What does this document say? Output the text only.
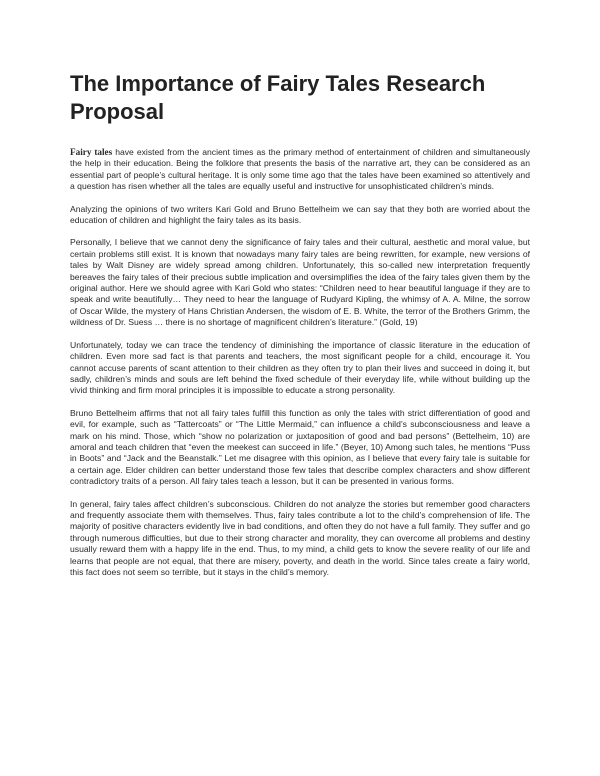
The Importance of Fairy Tales Research Proposal

Fairy tales have existed from the ancient times as the primary method of entertainment of children and simultaneously the help in their education. Being the folklore that presents the basis of the narrative art, they can be considered as an essential part of people’s cultural heritage. It is only some time ago that the tales have been examined so attentively and a question has risen whether all the tales are equally useful and instructive for unsophisticated children’s minds.

Analyzing the opinions of two writers Kari Gold and Bruno Bettelheim we can say that they both are worried about the education of children and highlight the fairy tales as its basis.

Personally, I believe that we cannot deny the significance of fairy tales and their cultural, aesthetic and moral value, but certain problems still exist. It is known that nowadays many fairy tales are being rewritten, for example, new versions of tales by Walt Disney are widely spread among children. Unfortunately, this so-called new interpretation frequently bereaves the fairy tales of their precious subtle implication and oversimplifies the idea of the fairy tales given them by the original author. Here we should agree with Kari Gold who states: “Children need to hear beautiful language if they are to speak and write beautifully… They need to hear the language of Rudyard Kipling, the whimsy of A. A. Milne, the sorrow of Oscar Wilde, the mystery of Hans Christian Andersen, the wisdom of E. B. White, the terror of the Brothers Grimm, the wildness of Dr. Suess … there is no shortage of magnificent children’s literature.” (Gold, 19)

Unfortunately, today we can trace the tendency of diminishing the importance of classic literature in the education of children. Even more sad fact is that parents and teachers, the most significant people for a child, encourage it. You cannot accuse parents of scant attention to their children as they often try to plan their lives and succeed in doing it, but sadly, children’s minds and souls are left behind the fixed schedule of their everyday life, while without building up the vivid thinking and firm moral principles it is impossible to educate a strong personality.

Bruno Bettelheim affirms that not all fairy tales fulfill this function as only the tales with strict differentiation of good and evil, for example, such as “Tattercoats” or “The Little Mermaid,” can influence a child’s subconsciousness and leave a mark on his mind. Those, which “show no polarization or juxtaposition of good and bad persons” (Bettelheim, 10) are amoral and teach children that “even the meekest can succeed in life.” (Beyer, 10) Among such tales, he mentions “Puss in Boots” and “Jack and the Beanstalk.” Let me disagree with this opinion, as I believe that every fairy tale is suitable for a certain age. Elder children can better understand those few tales that describe complex characters and show different contradictory traits of a person. All fairy tales teach a lesson, but it can be presented in various forms.

In general, fairy tales affect children’s subconscious. Children do not analyze the stories but remember good characters and frequently associate them with themselves. Thus, fairy tales contribute a lot to the child’s comprehension of life. The majority of positive characters evidently live in bad conditions, and often they do not have a full family. They suffer and go through numerous difficulties, but due to their strong character and morality, they can overcome all problems and destiny usually reward them with a happy life in the end. Thus, to my mind, a child gets to know the severe reality of our life and learns that people are not equal, that there are misery, poverty, and death in the world. Since tales create a fairy world, this fact does not seem so terrible, but it stays in the child’s memory.
